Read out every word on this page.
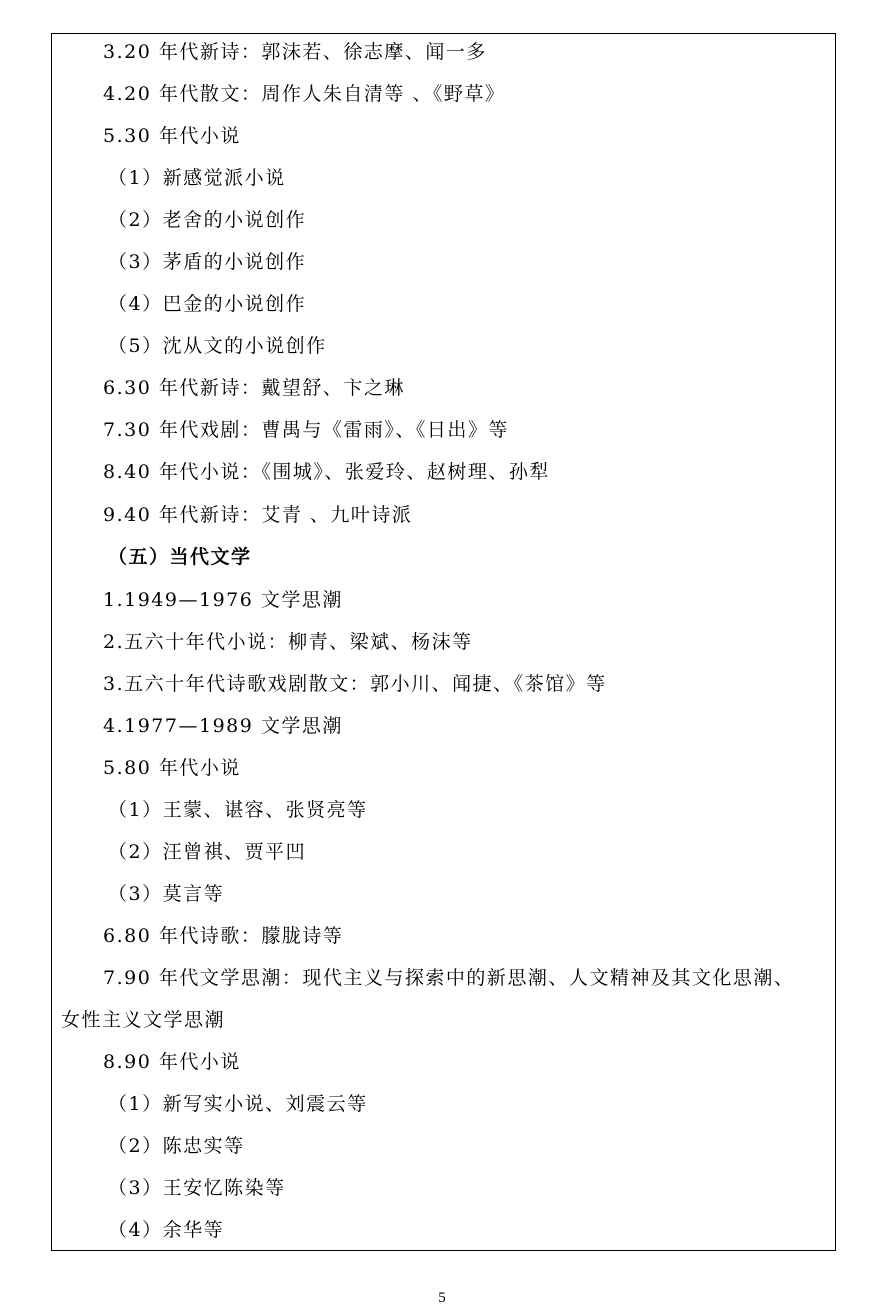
3.20 年代新诗：郭沫若、徐志摩、闻一多
4.20 年代散文：周作人朱自清等 、《野草》
5.30 年代小说
（1）新感觉派小说
（2）老舍的小说创作
（3）茅盾的小说创作
（4）巴金的小说创作
（5）沈从文的小说创作
6.30 年代新诗：戴望舒、卞之琳
7.30 年代戏剧：曹禺与《雷雨》、《日出》等
8.40 年代小说：《围城》、张爱玲、赵树理、孙犁
9.40 年代新诗：艾青 、九叶诗派
（五）当代文学
1.1949—1976 文学思潮
2.五六十年代小说：柳青、梁斌、杨沫等
3.五六十年代诗歌戏剧散文：郭小川、闻捷、《茶馆》等
4.1977—1989 文学思潮
5.80 年代小说
（1）王蒙、谌容、张贤亮等
（2）汪曾祺、贾平凹
（3）莫言等
6.80 年代诗歌：朦胧诗等
7.90 年代文学思潮：现代主义与探索中的新思潮、人文精神及其文化思潮、
女性主义文学思潮
8.90 年代小说
（1）新写实小说、刘震云等
（2）陈忠实等
（3）王安忆陈染等
（4）余华等
5
